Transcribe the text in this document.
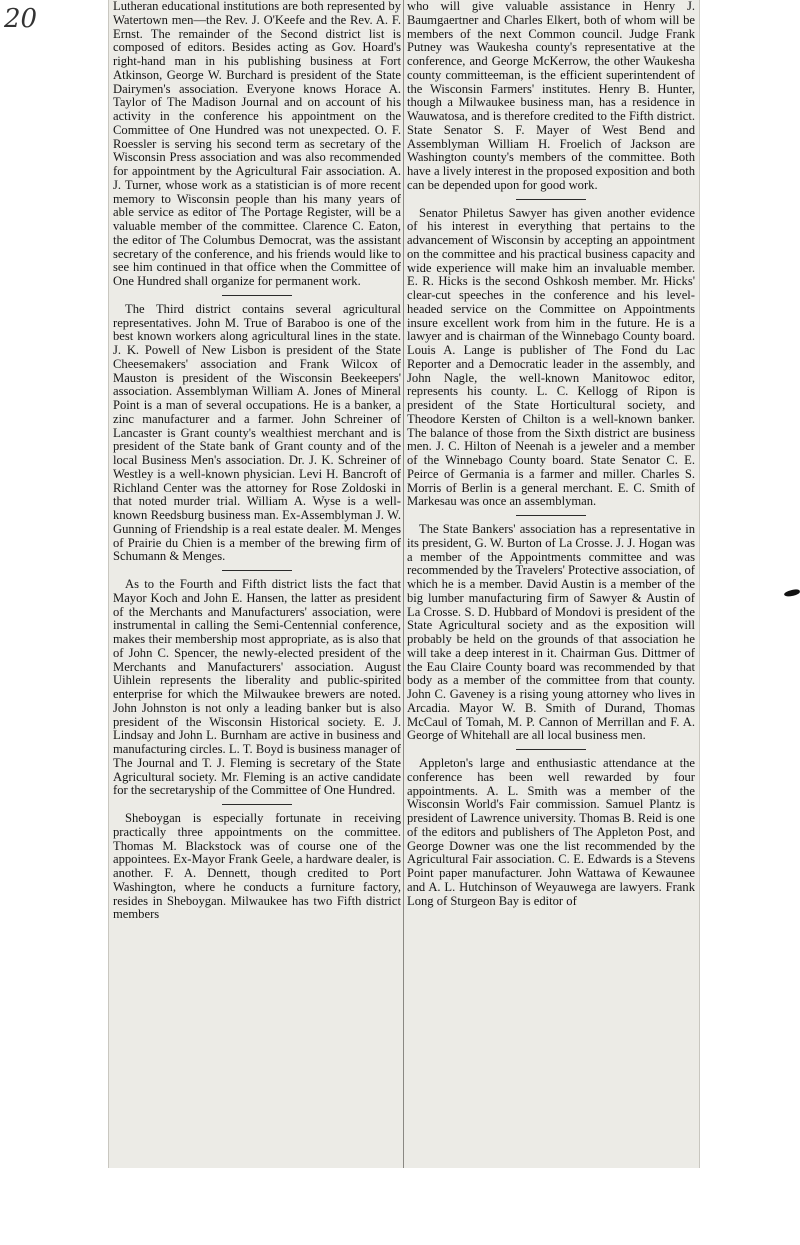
20	Lutheran educational institutions are both represented by Watertown men—the Rev. J. O'Keefe and the Rev. A. F. Ernst. The remainder of the Second district list is composed of editors. Besides acting as Gov. Hoard's right-hand man in his publishing business at Fort Atkinson, George W. Burchard is president of the State Dairymen's association. Everyone knows Horace A. Taylor of The Madison Journal and on account of his activity in the conference his appointment on the Committee of One Hundred was not unexpected. O. F. Roessler is serving his second term as secretary of the Wisconsin Press association and was also recommended for appointment by the Agricultural Fair association. A. J. Turner, whose work as a statistician is of more recent memory to Wisconsin people than his many years of able service as editor of The Portage Register, will be a valuable member of the committee. Clarence C. Eaton, the editor of The Columbus Democrat, was the assistant secretary of the conference, and his friends would like to see him continued in that office when the Committee of One Hundred shall organize for permanent work.

The Third district contains several agricultural representatives. John M. True of Baraboo is one of the best known workers along agricultural lines in the state. J. K. Powell of New Lisbon is president of the State Cheesemakers' association and Frank Wilcox of Mauston is president of the Wisconsin Beekeepers' association. Assemblyman William A. Jones of Mineral Point is a man of several occupations. He is a banker, a zinc manufacturer and a farmer. John Schreiner of Lancaster is Grant county's wealthiest merchant and is president of the State bank of Grant county and of the local Business Men's association. Dr. J. K. Schreiner of Westley is a well-known physician. Levi H. Bancroft of Richland Center was the attorney for Rose Zoldoski in that noted murder trial. William A. Wyse is a well-known Reedsburg business man. Ex-Assemblyman J. W. Gunning of Friendship is a real estate dealer. M. Menges of Prairie du Chien is a member of the brewing firm of Schumann & Menges.

As to the Fourth and Fifth district lists the fact that Mayor Koch and John E. Hansen, the latter as president of the Merchants and Manufacturers' association, were instrumental in calling the Semi-Centennial conference, makes their membership most appropriate, as is also that of John C. Spencer, the newly-elected president of the Merchants and Manufacturers' association. August Uihlein represents the liberality and public-spirited enterprise for which the Milwaukee brewers are noted. John Johnston is not only a leading banker but is also president of the Wisconsin Historical society. E. J. Lindsay and John L. Burnham are active in business and manufacturing circles. L. T. Boyd is business manager of The Journal and T. J. Fleming is secretary of the State Agricultural society. Mr. Fleming is an active candidate for the secretaryship of the Committee of One Hundred.

Sheboygan is especially fortunate in receiving practically three appointments on the committee. Thomas M. Blackstock was of course one of the appointees. Ex-Mayor Frank Geele, a hardware dealer, is another. F. A. Dennett, though credited to Port Washington, where he conducts a furniture factory, resides in Sheboygan. Milwaukee has two Fifth district members

who will give valuable assistance in Henry J. Baumgaertner and Charles Elkert, both of whom will be members of the next Common council. Judge Frank Putney was Waukesha county's representative at the conference, and George McKerrow, the other Waukesha county committeeman, is the efficient superintendent of the Wisconsin Farmers' institutes. Henry B. Hunter, though a Milwaukee business man, has a residence in Wauwatosa, and is therefore credited to the Fifth district. State Senator S. F. Mayer of West Bend and Assemblyman William H. Froelich of Jackson are Washington county's members of the committee. Both have a lively interest in the proposed exposition and both can be depended upon for good work.

Senator Philetus Sawyer has given another evidence of his interest in everything that pertains to the advancement of Wisconsin by accepting an appointment on the committee and his practical business capacity and wide experience will make him an invaluable member. E. R. Hicks is the second Oshkosh member. Mr. Hicks' clear-cut speeches in the conference and his level-headed service on the Committee on Appointments insure excellent work from him in the future. He is a lawyer and is chairman of the Winnebago County board. Louis A. Lange is publisher of The Fond du Lac Reporter and a Democratic leader in the assembly, and John Nagle, the well-known Manitowoc editor, represents his county. L. C. Kellogg of Ripon is president of the State Horticultural society, and Theodore Kersten of Chilton is a well-known banker. The balance of those from the Sixth district are business men. J. C. Hilton of Neenah is a jeweler and a member of the Winnebago County board. State Senator C. E. Peirce of Germania is a farmer and miller. Charles S. Morris of Berlin is a general merchant. E. C. Smith of Markesau was once an assemblyman.

The State Bankers' association has a representative in its president, G. W. Burton of La Crosse. J. J. Hogan was a member of the Appointments committee and was recommended by the Travelers' Protective association, of which he is a member. David Austin is a member of the big lumber manufacturing firm of Sawyer & Austin of La Crosse. S. D. Hubbard of Mondovi is president of the State Agricultural society and as the exposition will probably be held on the grounds of that association he will take a deep interest in it. Chairman Gus. Dittmer of the Eau Claire County board was recommended by that body as a member of the committee from that county. John C. Gaveney is a rising young attorney who lives in Arcadia. Mayor W. B. Smith of Durand, Thomas McCaul of Tomah, M. P. Cannon of Merrillan and F. A. George of Whitehall are all local business men.

Appleton's large and enthusiastic attendance at the conference has been well rewarded by four appointments. A. L. Smith was a member of the Wisconsin World's Fair commission. Samuel Plantz is president of Lawrence university. Thomas B. Reid is one of the editors and publishers of The Appleton Post, and George Downer was one the list recommended by the Agricultural Fair association. C. E. Edwards is a Stevens Point paper manufacturer. John Wattawa of Kewaunee and A. L. Hutchinson of Weyauwega are lawyers. Frank Long of Sturgeon Bay is editor of
